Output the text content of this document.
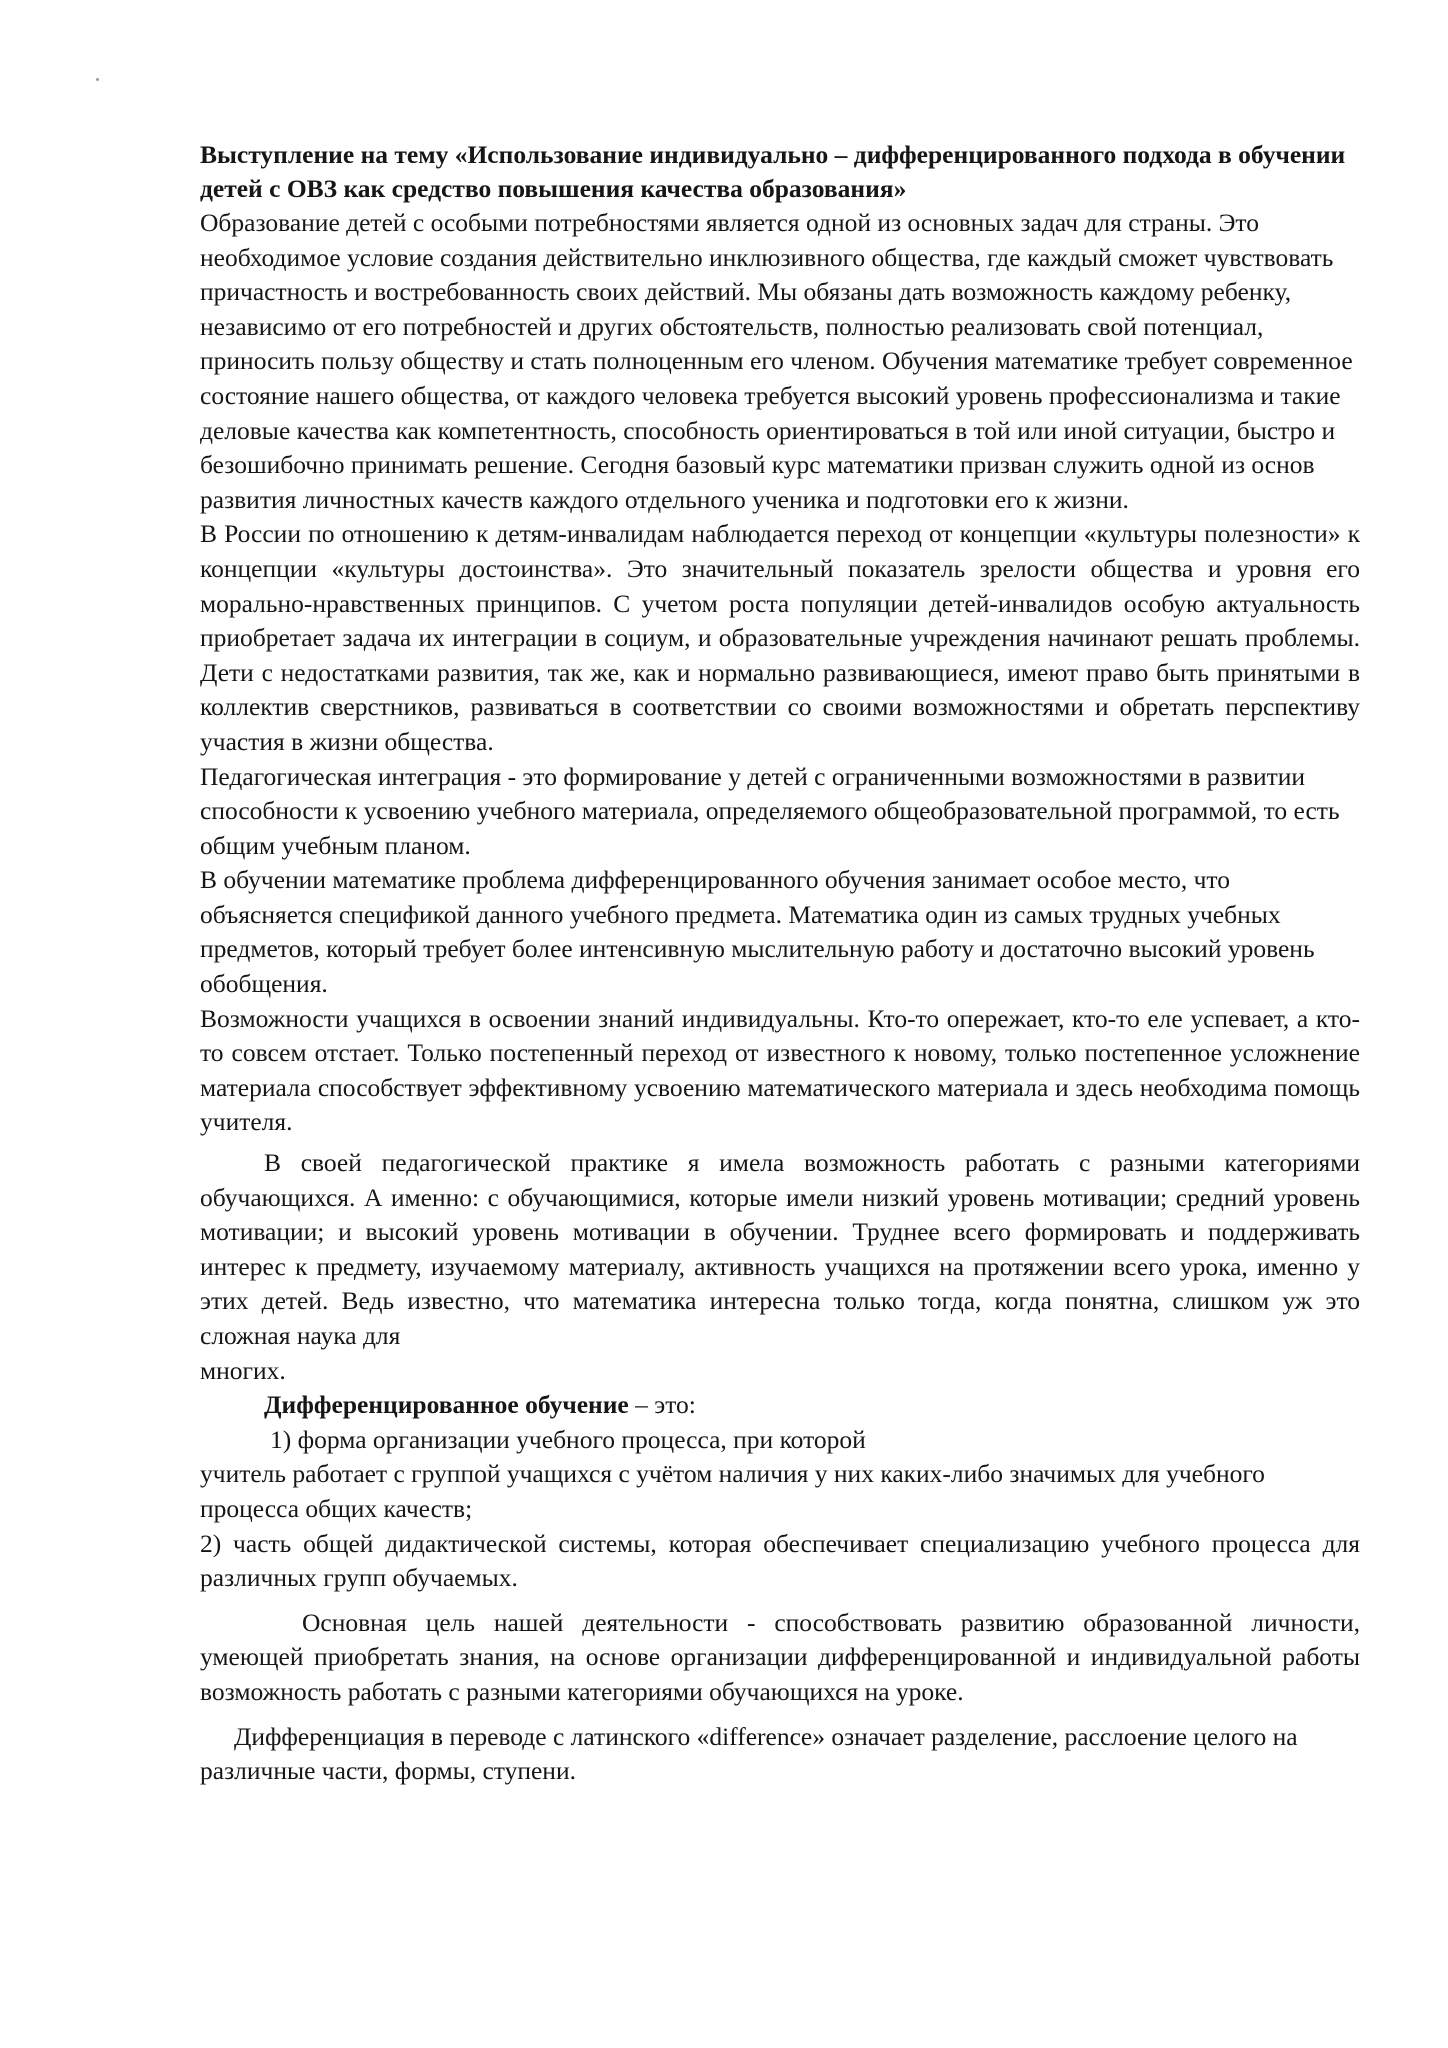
Выступление на тему «Использование индивидуально – дифференцированного подхода в обучении детей с ОВЗ как средство повышения качества образования»

Образование детей с особыми потребностями является одной из основных задач для страны. Это необходимое условие создания действительно инклюзивного общества, где каждый сможет чувствовать причастность и востребованность своих действий. Мы обязаны дать возможность каждому ребенку, независимо от его потребностей и других обстоятельств, полностью реализовать свой потенциал, приносить пользу обществу и стать полноценным его членом. Обучения математике требует современное состояние нашего общества, от каждого человека требуется высокий уровень профессионализма и такие деловые качества как компетентность, способность ориентироваться в той или иной ситуации, быстро и безошибочно принимать решение. Сегодня базовый курс математики призван служить одной из основ развития личностных качеств каждого отдельного ученика и подготовки его к жизни.

В России по отношению к детям-инвалидам наблюдается переход от концепции «культуры полезности» к концепции «культуры достоинства». Это значительный показатель зрелости общества и уровня его морально-нравственных принципов. С учетом роста популяции детей-инвалидов особую актуальность приобретает задача их интеграции в социум, и образовательные учреждения начинают решать проблемы. Дети с недостатками развития, так же, как и нормально развивающиеся, имеют право быть принятыми в коллектив сверстников, развиваться в соответствии со своими возможностями и обретать перспективу участия в жизни общества.

Педагогическая интеграция - это формирование у детей с ограниченными возможностями в развитии способности к усвоению учебного материала, определяемого общеобразовательной программой, то есть общим учебным планом.

В обучении математике проблема дифференцированного обучения занимает особое место, что объясняется спецификой данного учебного предмета. Математика один из самых трудных учебных предметов, который требует более интенсивную мыслительную работу и достаточно высокий уровень обобщения.

Возможности учащихся в освоении знаний индивидуальны. Кто-то опережает, кто-то еле успевает, а кто-то совсем отстает. Только постепенный переход от известного к новому, только постепенное усложнение материала способствует эффективному усвоению математического материала и здесь необходима помощь учителя.

В своей педагогической практике я имела возможность работать с разными категориями обучающихся. А именно: с обучающимися, которые имели низкий уровень мотивации; средний уровень мотивации; и высокий уровень мотивации в обучении. Труднее всего формировать и поддерживать интерес к предмету, изучаемому материалу, активность учащихся на протяжении всего урока, именно у этих детей. Ведь известно, что математика интересна только тогда, когда понятна, слишком уж это сложная наука для

многих.

Дифференцированное обучение – это:

1) форма организации учебного процесса, при которой

учитель работает с группой учащихся с учётом наличия у них каких-либо значимых для учебного процесса общих качеств;

2) часть общей дидактической системы, которая обеспечивает специализацию учебного процесса для различных групп обучаемых.

Основная цель нашей деятельности - способствовать развитию образованной личности, умеющей приобретать знания, на основе организации дифференцированной и индивидуальной работы возможность работать с разными категориями обучающихся на уроке.

Дифференциация в переводе с латинского «difference» означает разделение, расслоение целого на различные части, формы, ступени.
